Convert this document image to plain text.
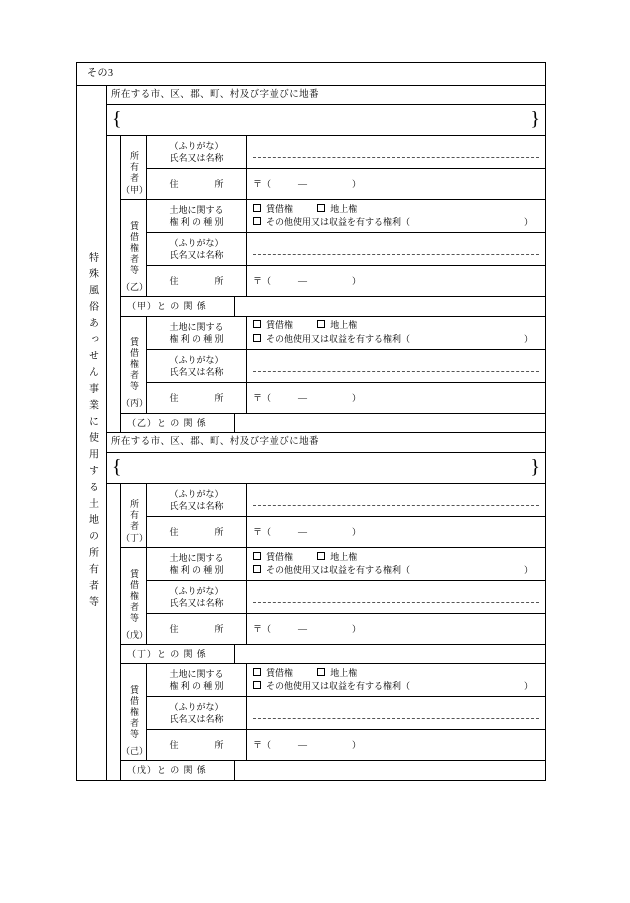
その3
特殊風俗あっせん事業に使用する土地の所有者等
所在する市、区、郡、町、村及び字並びに地番
{	}
所有者
（甲）
（ふりがな）
氏名又は名称
住　　　　所	〒（　　　―　　　　　）
賃借権者等
（乙）
土地に関する
権 利 の 種 別
賃借権	地上権
その他使用又は収益を有する権利（	）
（ふりがな）
氏名又は名称
住　　　　所	〒（　　　―　　　　　）
（甲）と の 関 係
賃借権者等
（丙）
土地に関する
権 利 の 種 別
賃借権	地上権
その他使用又は収益を有する権利（	）
（ふりがな）
氏名又は名称
住　　　　所	〒（　　　―　　　　　）
（乙）と の 関 係
所在する市、区、郡、町、村及び字並びに地番
{	}
所有者
（丁）
（ふりがな）
氏名又は名称
住　　　　所	〒（　　　―　　　　　）
賃借権者等
（戊）
土地に関する
権 利 の 種 別
賃借権	地上権
その他使用又は収益を有する権利（	）
（ふりがな）
氏名又は名称
住　　　　所	〒（　　　―　　　　　）
（丁）と の 関 係
賃借権者等
（己）
土地に関する
権 利 の 種 別
賃借権	地上権
その他使用又は収益を有する権利（	）
（ふりがな）
氏名又は名称
住　　　　所	〒（　　　―　　　　　）
（戊）と の 関 係
